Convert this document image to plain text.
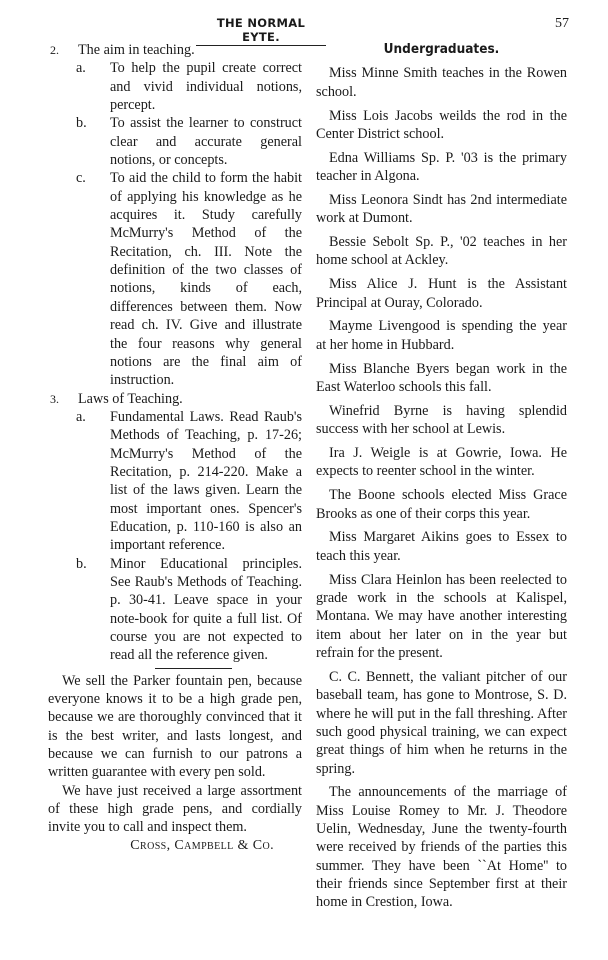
THE NORMAL EYTE.
57
2.	The aim in teaching.
a. To help the pupil create correct and vivid individual notions, percept.
b. To assist the learner to construct clear and accurate general notions, or concepts.
c. To aid the child to form the habit of applying his knowledge as he acquires it. Study carefully McMurry's Method of the Recitation, ch. III. Note the definition of the two classes of notions, kinds of each, differences between them. Now read ch. IV. Give and illustrate the four reasons why general notions are the final aim of instruction.
3.	Laws of Teaching.
a. Fundamental Laws. Read Raub's Methods of Teaching, p. 17-26; McMurry's Method of the Recitation, p. 214-220. Make a list of the laws given. Learn the most important ones. Spencer's Education, p. 110-160 is also an important reference.
b. Minor Educational principles. See Raub's Methods of Teaching. p. 30-41. Leave space in your note-book for quite a full list. Of course you are not expected to read all the reference given.

We sell the Parker fountain pen, because everyone knows it to be a high grade pen, because we are thoroughly convinced that it is the best writer, and lasts longest, and because we can furnish to our patrons a written guarantee with every pen sold.

We have just received a large assortment of these high grade pens, and cordially invite you to call and inspect them.

Cross, Campbell & Co.
Undergraduates.

Miss Minne Smith teaches in the Rowen school.

Miss Lois Jacobs weilds the rod in the Center District school.

Edna Williams Sp. P. '03 is the primary teacher in Algona.

Miss Leonora Sindt has 2nd intermediate work at Dumont.

Bessie Sebolt Sp. P., '02 teaches in her home school at Ackley.

Miss Alice J. Hunt is the Assistant Principal at Ouray, Colorado.

Mayme Livengood is spending the year at her home in Hubbard.

Miss Blanche Byers began work in the East Waterloo schools this fall.

Winefrid Byrne is having splendid success with her school at Lewis.

Ira J. Weigle is at Gowrie, Iowa. He expects to reenter school in the winter.

The Boone schools elected Miss Grace Brooks as one of their corps this year.

Miss Margaret Aikins goes to Essex to teach this year.

Miss Clara Heinlon has been reelected to grade work in the schools at Kalispel, Montana. We may have another interesting item about her later on in the year but refrain for the present.

C. C. Bennett, the valiant pitcher of our baseball team, has gone to Montrose, S. D. where he will put in the fall threshing. After such good physical training, we can expect great things of him when he returns in the spring.

The announcements of the marriage of Miss Louise Romey to Mr. J. Theodore Uelin, Wednesday, June the twenty-fourth were received by friends of the parties this summer. They have been ``At Home'' to their friends since September first at their home in Crestion, Iowa.
